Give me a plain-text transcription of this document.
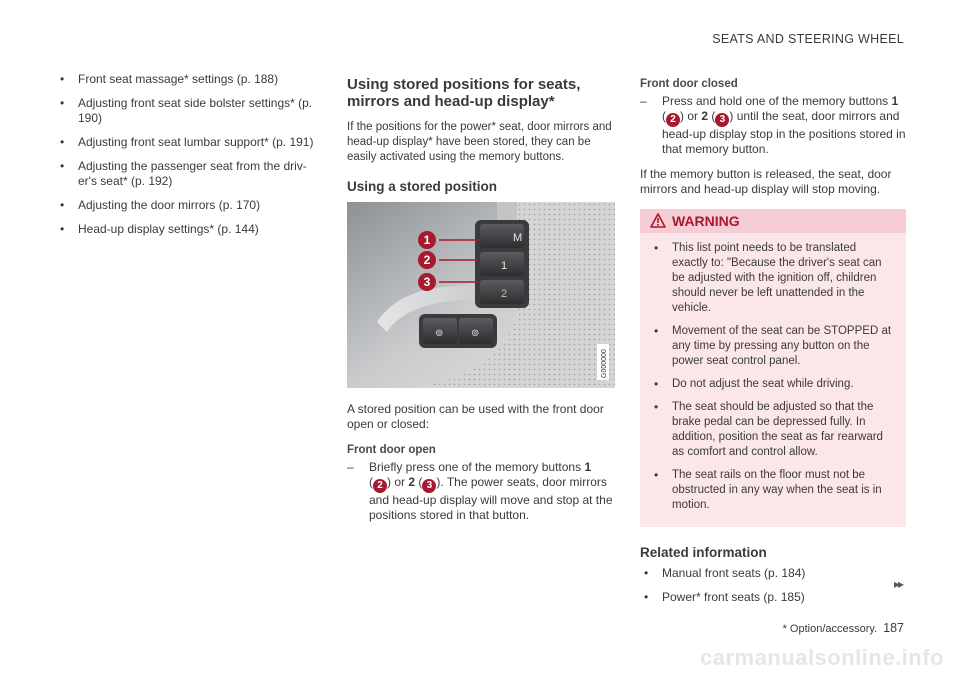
SEATS AND STEERING WHEEL
• Front seat massage* settings (p. 188)
• Adjusting front seat side bolster settings* (p. 190)
• Adjusting front seat lumbar support* (p. 191)
• Adjusting the passenger seat from the driv-er's seat* (p. 192)
• Adjusting the door mirrors (p. 170)
• Head-up display settings* (p. 144)
Using stored positions for seats, mirrors and head-up display*

If the positions for the power* seat, door mirrors and head-up display* have been stored, they can be easily activated using the memory buttons.

Using a stored position
M
1
2
⊚	⊚
1
2
3
G000000

A stored position can be used with the front door open or closed:

Front door open
– Briefly press one of the memory buttons 1
( 2 ) or 2 ( 3 ). The power seats, door mirrors and head-up display will move and stop at the positions stored in that button.
Front door closed
– Press and hold one of the memory buttons 1
( 2 ) or 2 ( 3 ) until the seat, door mirrors and head-up display stop in the positions stored in that memory button.

If the memory button is released, the seat, door mirrors and head-up display will stop moving.

WARNING
• This list point needs to be translated exactly to: "Because the driver's seat can be adjusted with the ignition off, children should never be left unattended in the vehicle.
• Movement of the seat can be STOPPED at any time by pressing any button on the power seat control panel.
• Do not adjust the seat while driving.
• The seat should be adjusted so that the brake pedal can be depressed fully. In addition, position the seat as far rearward as comfort and control allow.
• The seat rails on the floor must not be obstructed in any way when the seat is in motion.
Related information
• Manual front seats (p. 184)
• Power* front seats (p. 185)
▸▸
* Option/accessory. 187
carmanualsonline.info
